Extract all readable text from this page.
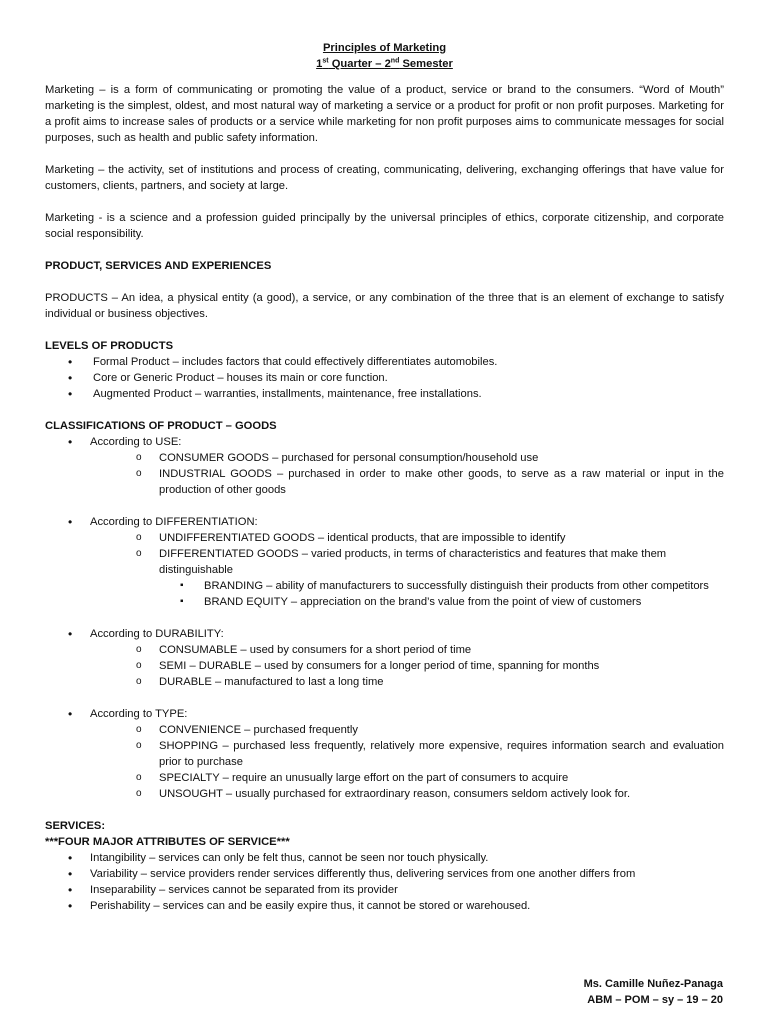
Principles of Marketing
1st Quarter – 2nd Semester

Marketing – is a form of communicating or promoting the value of a product, service or brand to the consumers. “Word of Mouth” marketing is the simplest, oldest, and most natural way of marketing a service or a product for profit or non profit purposes. Marketing for a profit aims to increase sales of products or a service while marketing for non profit purposes aims to communicate messages for social purposes, such as health and public safety information.

Marketing – the activity, set of institutions and process of creating, communicating, delivering, exchanging offerings that have value for customers, clients, partners, and society at large.

Marketing - is a science and a profession guided principally by the universal principles of ethics, corporate citizenship, and corporate social responsibility.

PRODUCT, SERVICES AND EXPERIENCES

PRODUCTS – An idea, a physical entity (a good), a service, or any combination of the three that is an element of exchange to satisfy individual or business objectives.

LEVELS OF PRODUCTS
• Formal Product – includes factors that could effectively differentiates automobiles.
• Core or Generic Product – houses its main or core function.
• Augmented Product – warranties, installments, maintenance, free installations.
CLASSIFICATIONS OF PRODUCT – GOODS
• According to USE:
o CONSUMER GOODS – purchased for personal consumption/household use
o INDUSTRIAL GOODS – purchased in order to make other goods, to serve as a raw material or input in the production of other goods
• According to DIFFERENTIATION:
o UNDIFFERENTIATED GOODS – identical products, that are impossible to identify
o DIFFERENTIATED GOODS – varied products, in terms of characteristics and features that make them distinguishable
▪ BRANDING – ability of manufacturers to successfully distinguish their products from other competitors
▪ BRAND EQUITY – appreciation on the brand’s value from the point of view of customers
• According to DURABILITY:
o CONSUMABLE – used by consumers for a short period of time
o SEMI – DURABLE – used by consumers for a longer period of time, spanning for months
o DURABLE – manufactured to last a long time
• According to TYPE:
o CONVENIENCE – purchased frequently
o SHOPPING – purchased less frequently, relatively more expensive, requires information search and evaluation prior to purchase
o SPECIALTY – require an unusually large effort on the part of consumers to acquire
o UNSOUGHT – usually purchased for extraordinary reason, consumers seldom actively look for.
SERVICES:
***FOUR MAJOR ATTRIBUTES OF SERVICE***
• Intangibility – services can only be felt thus, cannot be seen nor touch physically.
• Variability – service providers render services differently thus, delivering services from one another differs from
• Inseparability – services cannot be separated from its provider
• Perishability – services can and be easily expire thus, it cannot be stored or warehoused.
Ms. Camille Nuñez-Panaga
ABM – POM – sy – 19 – 20
